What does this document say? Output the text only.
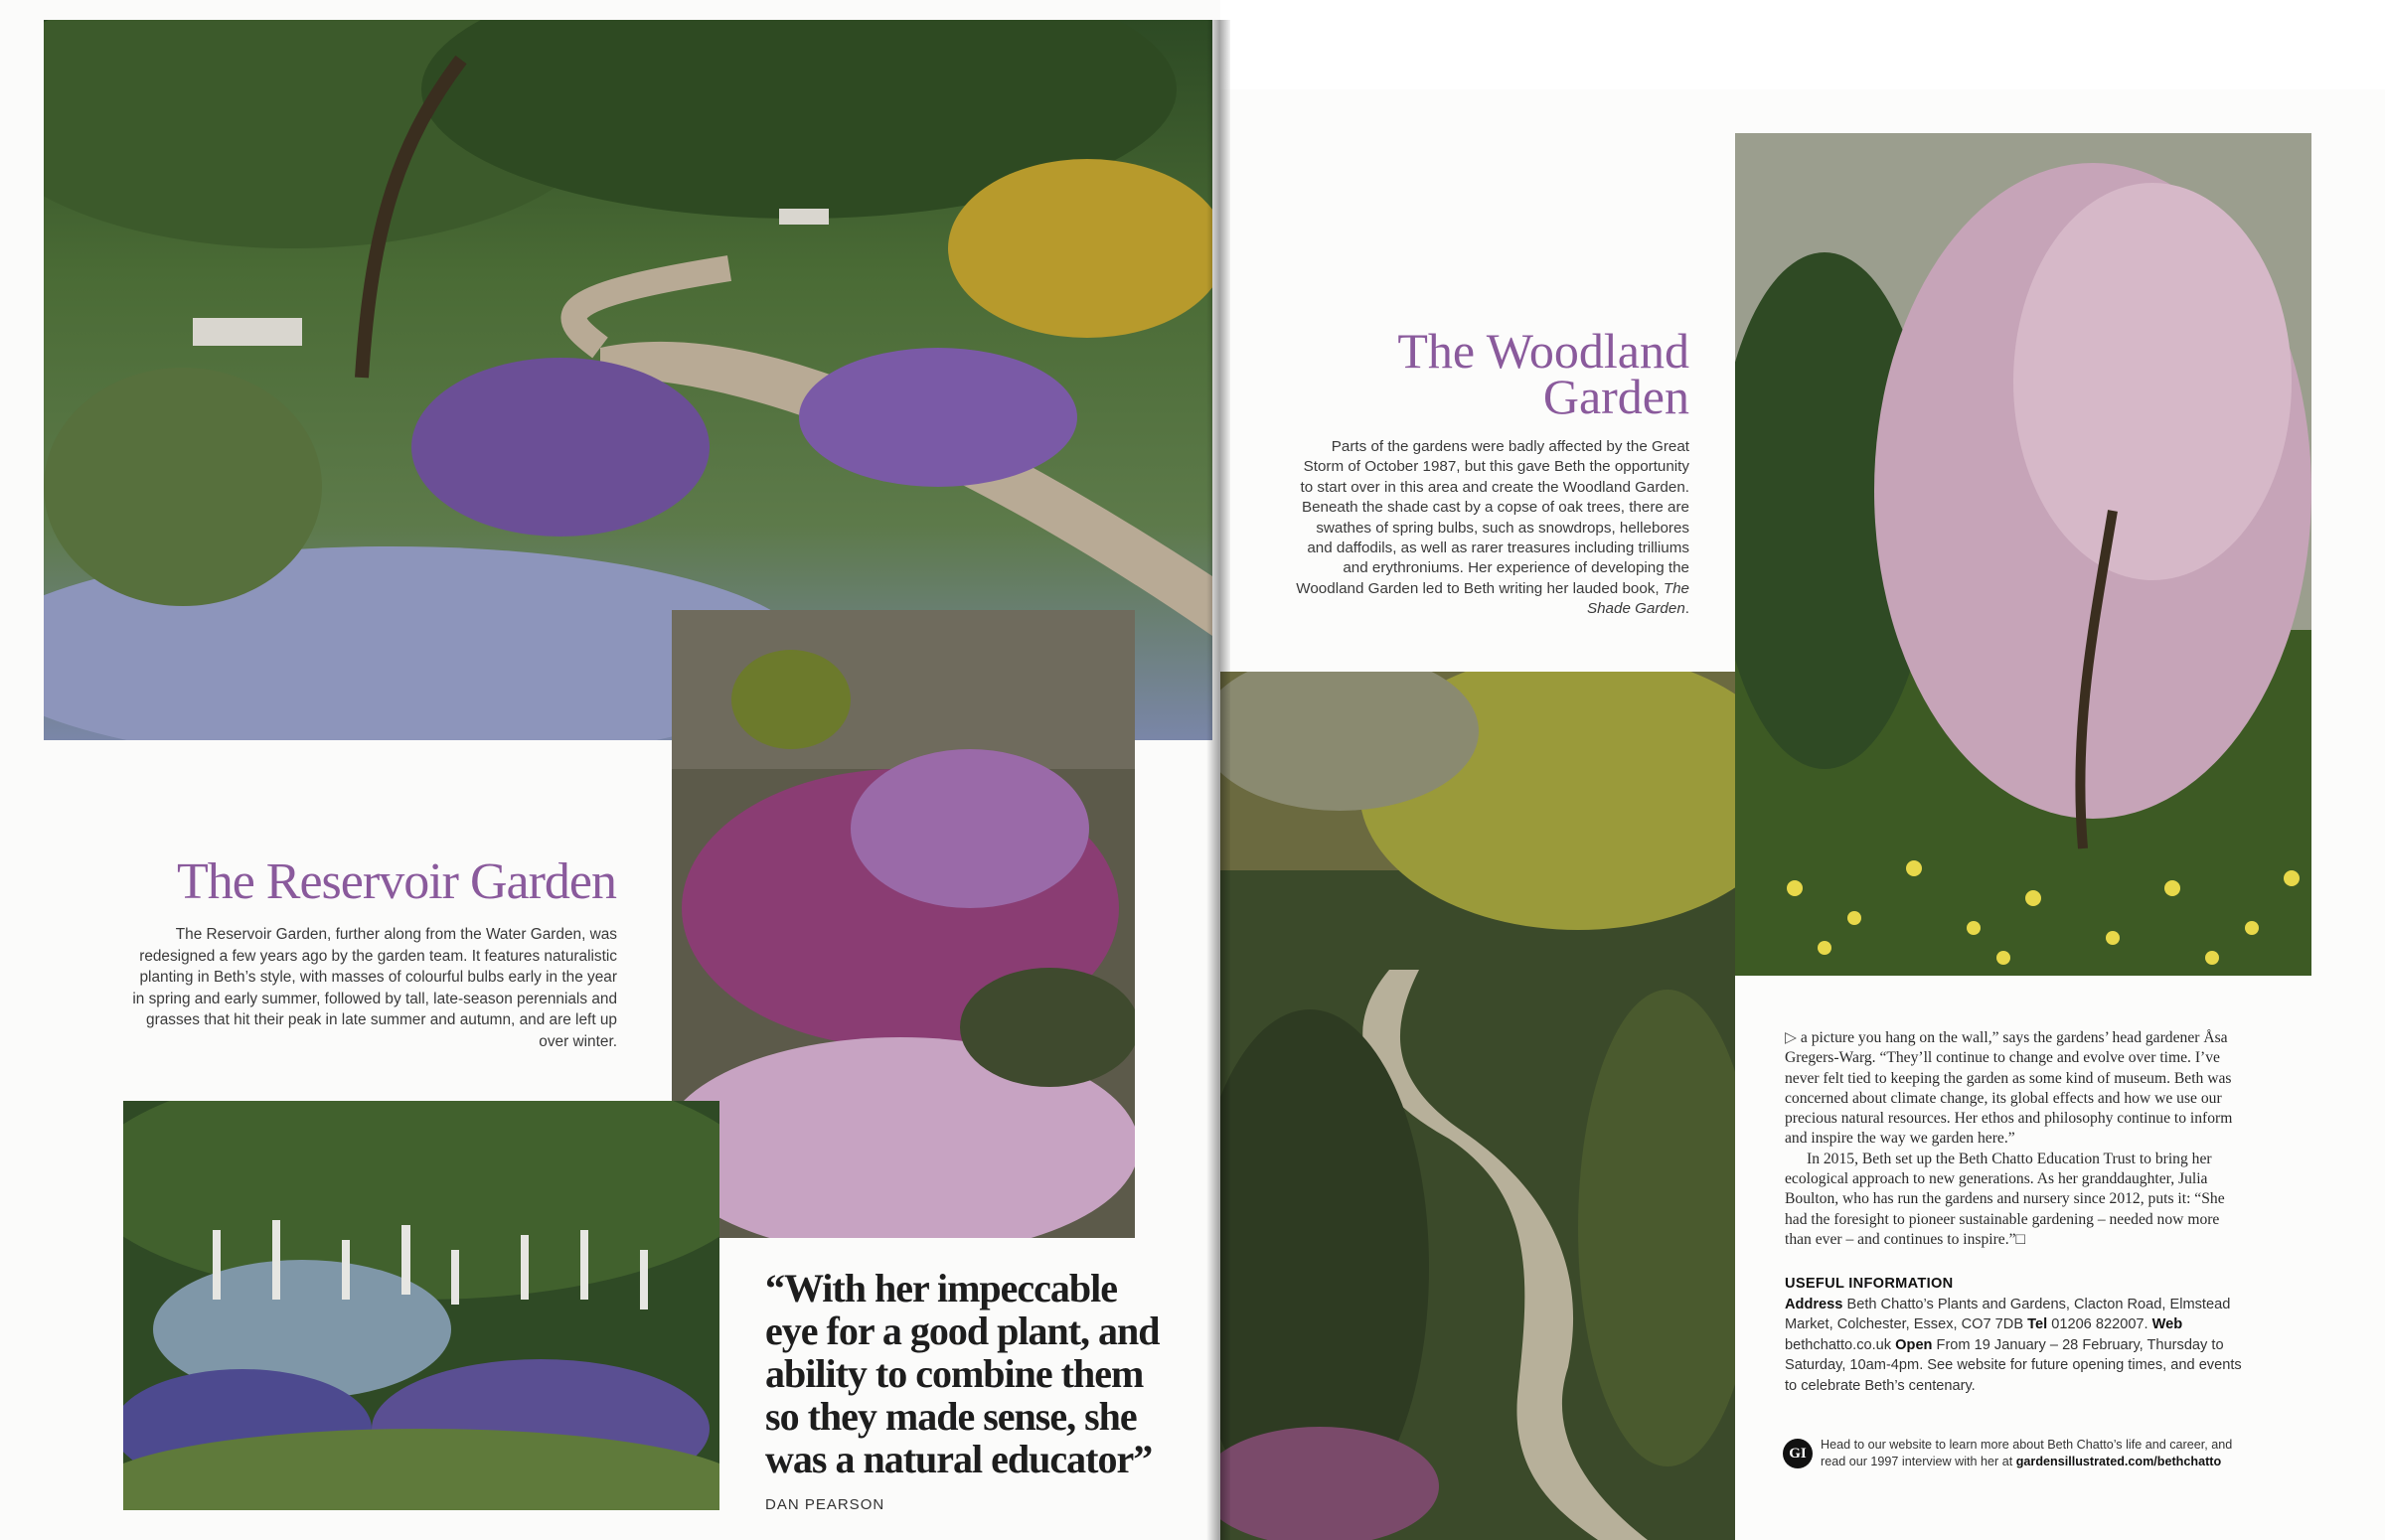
The Reservoir Garden

The Reservoir Garden, further along from the Water Garden, was redesigned a few years ago by the garden team. It features naturalistic planting in Beth’s style, with masses of colourful bulbs early in the year in spring and early summer, followed by tall, late-season perennials and grasses that hit their peak in late summer and autumn, and are left up over winter.

The Woodland
Garden

Parts of the gardens were badly affected by the Great Storm of October 1987, but this gave Beth the opportunity to start over in this area and create the Woodland Garden. Beneath the shade cast by a copse of oak trees, there are swathes of spring bulbs, such as snowdrops, hellebores and daffodils, as well as rarer treasures including trilliums and erythroniums. Her experience of developing the Woodland Garden led to Beth writing her lauded book, The Shade Garden.

“With her impeccable eye for a good plant, and ability to combine them so they made sense, she was a natural educator”

DAN PEARSON

▷ a picture you hang on the wall,” says the gardens’ head gardener Åsa Gregers-Warg. “They’ll continue to change and evolve over time. I’ve never felt tied to keeping the garden as some kind of museum. Beth was concerned about climate change, its global effects and how we use our precious natural resources. Her ethos and philosophy continue to inform and inspire the way we garden here.”

In 2015, Beth set up the Beth Chatto Education Trust to bring her ecological approach to new generations. As her granddaughter, Julia Boulton, who has run the gardens and nursery since 2012, puts it: “She had the foresight to pioneer sustainable gardening – needed now more than ever – and continues to inspire.”□

USEFUL INFORMATION
Address Beth Chatto’s Plants and Gardens, Clacton Road, Elmstead Market, Colchester, Essex, CO7 7DB Tel 01206 822007. Web bethchatto.co.uk Open From 19 January – 28 February, Thursday to Saturday, 10am-4pm. See website for future opening times, and events to celebrate Beth’s centenary.
GI
Head to our website to learn more about Beth Chatto’s life and career, and read our 1997 interview with her at gardensillustrated.com/bethchatto
